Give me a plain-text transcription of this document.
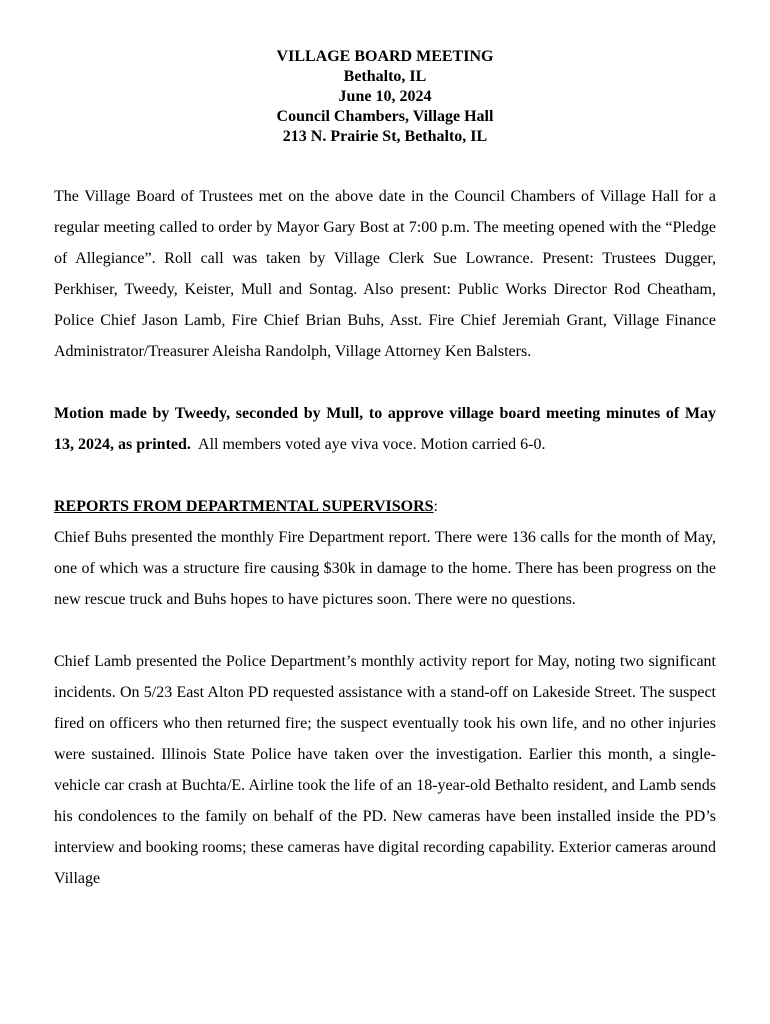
VILLAGE BOARD MEETING
Bethalto, IL
June 10, 2024
Council Chambers, Village Hall
213 N. Prairie St, Bethalto, IL

The Village Board of Trustees met on the above date in the Council Chambers of Village Hall for a regular meeting called to order by Mayor Gary Bost at 7:00 p.m. The meeting opened with the “Pledge of Allegiance”. Roll call was taken by Village Clerk Sue Lowrance. Present: Trustees Dugger, Perkhiser, Tweedy, Keister, Mull and Sontag. Also present: Public Works Director Rod Cheatham, Police Chief Jason Lamb, Fire Chief Brian Buhs, Asst. Fire Chief Jeremiah Grant, Village Finance Administrator/Treasurer Aleisha Randolph, Village Attorney Ken Balsters.

Motion made by Tweedy, seconded by Mull, to approve village board meeting minutes of May 13, 2024, as printed. All members voted aye viva voce. Motion carried 6-0.

REPORTS FROM DEPARTMENTAL SUPERVISORS:

Chief Buhs presented the monthly Fire Department report. There were 136 calls for the month of May, one of which was a structure fire causing $30k in damage to the home. There has been progress on the new rescue truck and Buhs hopes to have pictures soon. There were no questions.

Chief Lamb presented the Police Department’s monthly activity report for May, noting two significant incidents. On 5/23 East Alton PD requested assistance with a stand-off on Lakeside Street. The suspect fired on officers who then returned fire; the suspect eventually took his own life, and no other injuries were sustained. Illinois State Police have taken over the investigation. Earlier this month, a single-vehicle car crash at Buchta/E. Airline took the life of an 18-year-old Bethalto resident, and Lamb sends his condolences to the family on behalf of the PD. New cameras have been installed inside the PD’s interview and booking rooms; these cameras have digital recording capability. Exterior cameras around Village
